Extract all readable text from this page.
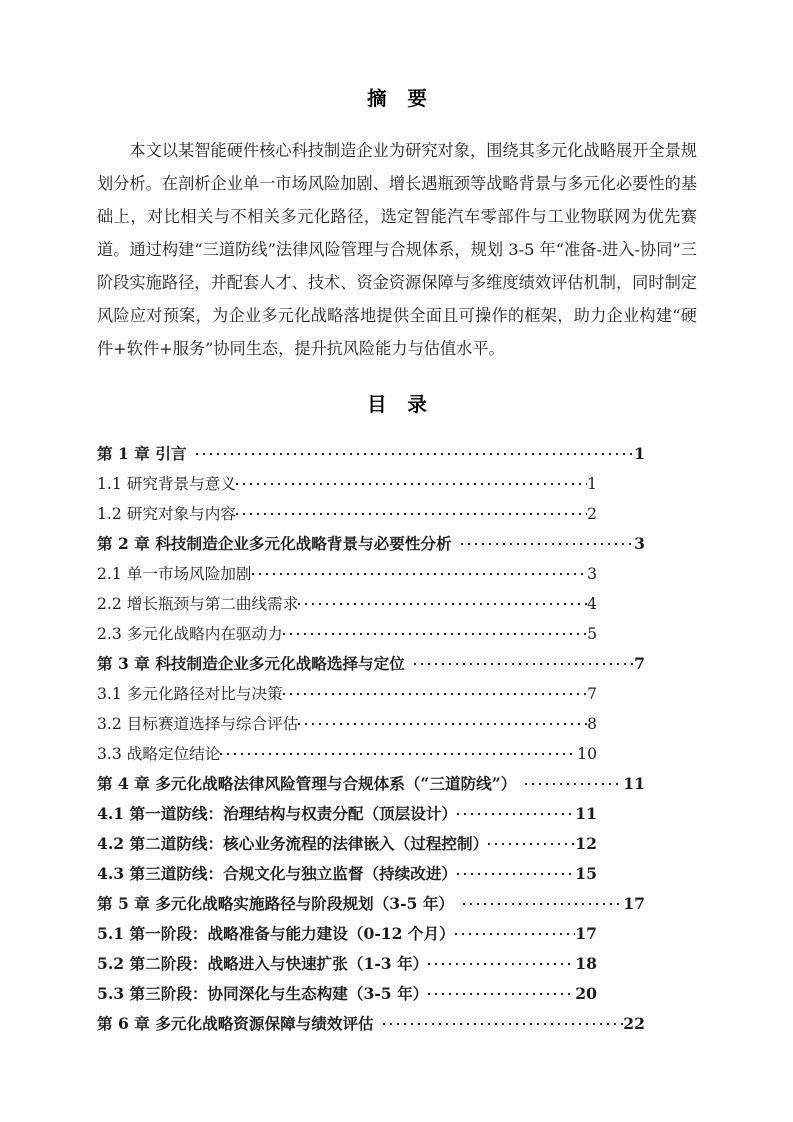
摘 要

本文以某智能硬件核心科技制造企业为研究对象，围绕其多元化战略展开全景规划分析。在剖析企业单一市场风险加剧、增长遇瓶颈等战略背景与多元化必要性的基础上，对比相关与不相关多元化路径，选定智能汽车零部件与工业物联网为优先赛道。通过构建“三道防线”法律风险管理与合规体系，规划 3-5 年“准备-进入-协同”三阶段实施路径，并配套人才、技术、资金资源保障与多维度绩效评估机制，同时制定风险应对预案，为企业多元化战略落地提供全面且可操作的框架，助力企业构建“硬件+软件+服务”协同生态，提升抗风险能力与估值水平。

目 录
第 1 章 引言	1
1.1 研究背景与意义	1
1.2 研究对象与内容	2
第 2 章 科技制造企业多元化战略背景与必要性分析	3
2.1 单一市场风险加剧	3
2.2 增长瓶颈与第二曲线需求	4
2.3 多元化战略内在驱动力	5
第 3 章 科技制造企业多元化战略选择与定位	7
3.1 多元化路径对比与决策	7
3.2 目标赛道选择与综合评估	8
3.3 战略定位结论	10
第 4 章 多元化战略法律风险管理与合规体系（“三道防线”）	11
4.1 第一道防线：治理结构与权责分配（顶层设计）	11
4.2 第二道防线：核心业务流程的法律嵌入（过程控制）	12
4.3 第三道防线：合规文化与独立监督（持续改进）	15
第 5 章 多元化战略实施路径与阶段规划（3-5 年）	17
5.1 第一阶段：战略准备与能力建设（0-12 个月）	17
5.2 第二阶段：战略进入与快速扩张（1-3 年）	18
5.3 第三阶段：协同深化与生态构建（3-5 年）	20
第 6 章 多元化战略资源保障与绩效评估	22
